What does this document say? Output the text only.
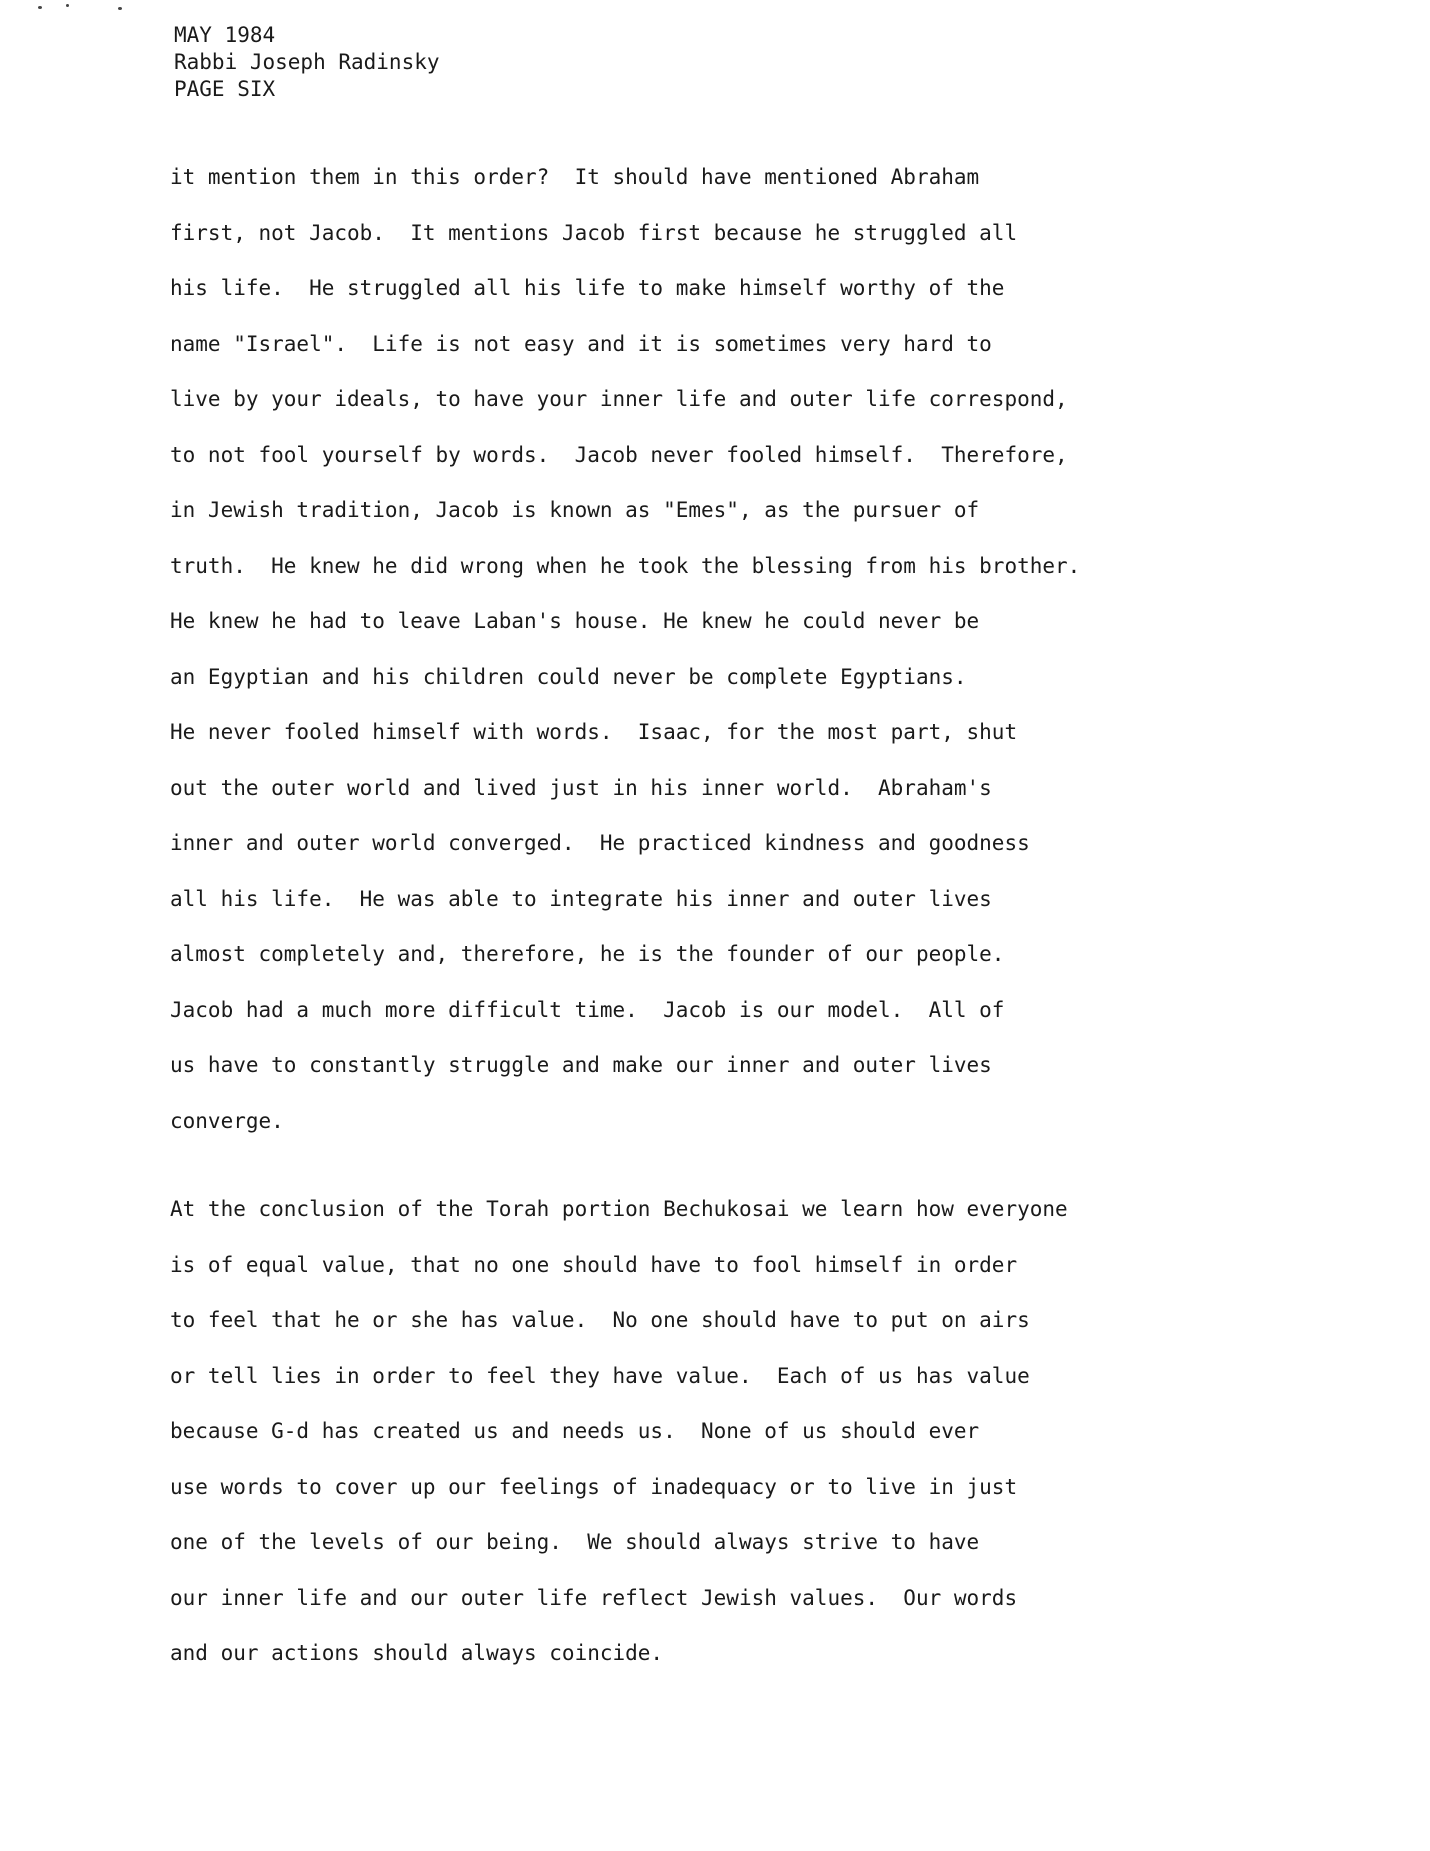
MAY 1984
Rabbi Joseph Radinsky
PAGE SIX
it mention them in this order?  It should have mentioned Abraham
first, not Jacob.  It mentions Jacob first because he struggled all
his life.  He struggled all his life to make himself worthy of the
name "Israel".  Life is not easy and it is sometimes very hard to
live by your ideals, to have your inner life and outer life correspond,
to not fool yourself by words.  Jacob never fooled himself.  Therefore,
in Jewish tradition, Jacob is known as "Emes", as the pursuer of
truth.  He knew he did wrong when he took the blessing from his brother.
He knew he had to leave Laban's house. He knew he could never be
an Egyptian and his children could never be complete Egyptians.
He never fooled himself with words.  Isaac, for the most part, shut
out the outer world and lived just in his inner world.  Abraham's
inner and outer world converged.  He practiced kindness and goodness
all his life.  He was able to integrate his inner and outer lives
almost completely and, therefore, he is the founder of our people.
Jacob had a much more difficult time.  Jacob is our model.  All of
us have to constantly struggle and make our inner and outer lives
converge.
At the conclusion of the Torah portion Bechukosai we learn how everyone
is of equal value, that no one should have to fool himself in order
to feel that he or she has value.  No one should have to put on airs
or tell lies in order to feel they have value.  Each of us has value
because G-d has created us and needs us.  None of us should ever
use words to cover up our feelings of inadequacy or to live in just
one of the levels of our being.  We should always strive to have
our inner life and our outer life reflect Jewish values.  Our words
and our actions should always coincide.
